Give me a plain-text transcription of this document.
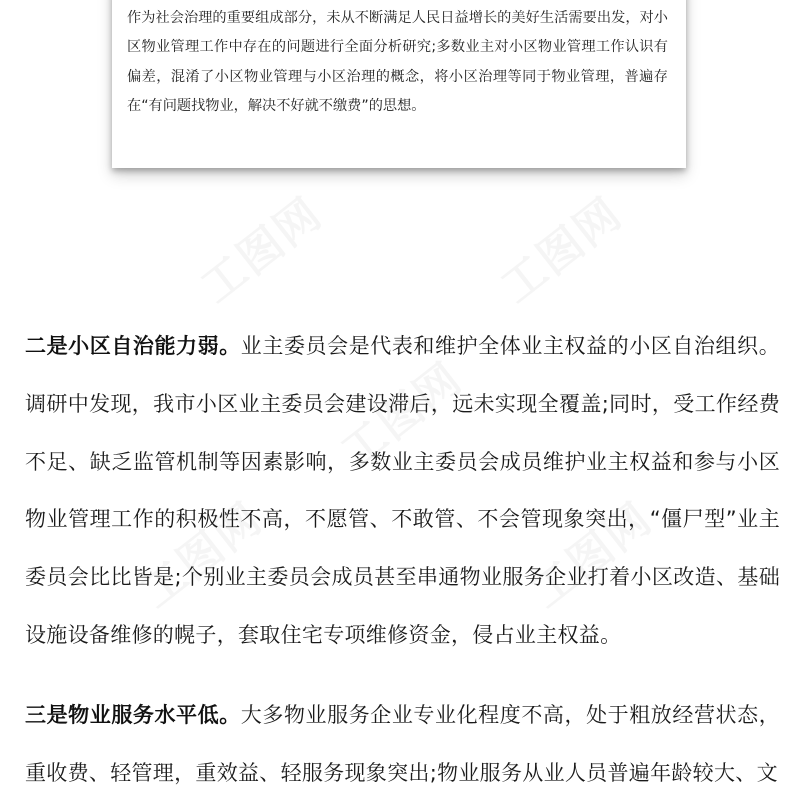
作为社会治理的重要组成部分，未从不断满足人民日益增长的美好生活需要出发，对小区物业管理工作中存在的问题进行全面分析研究;多数业主对小区物业管理工作认识有偏差，混淆了小区物业管理与小区治理的概念，将小区治理等同于物业管理，普遍存在“有问题找物业，解决不好就不缴费”的思想。

工图网	工图网
工图网
工图网	工图网

二是小区自治能力弱。业主委员会是代表和维护全体业主权益的小区自治组织。调研中发现，我市小区业主委员会建设滞后，远未实现全覆盖;同时，受工作经费不足、缺乏监管机制等因素影响，多数业主委员会成员维护业主权益和参与小区物业管理工作的积极性不高，不愿管、不敢管、不会管现象突出，“僵尸型”业主委员会比比皆是;个别业主委员会成员甚至串通物业服务企业打着小区改造、基础设施设备维修的幌子，套取住宅专项维修资金，侵占业主权益。

三是物业服务水平低。大多物业服务企业专业化程度不高，处于粗放经营状态，重收费、轻管理，重效益、轻服务现象突出;物业服务从业人员普遍年龄较大、文
